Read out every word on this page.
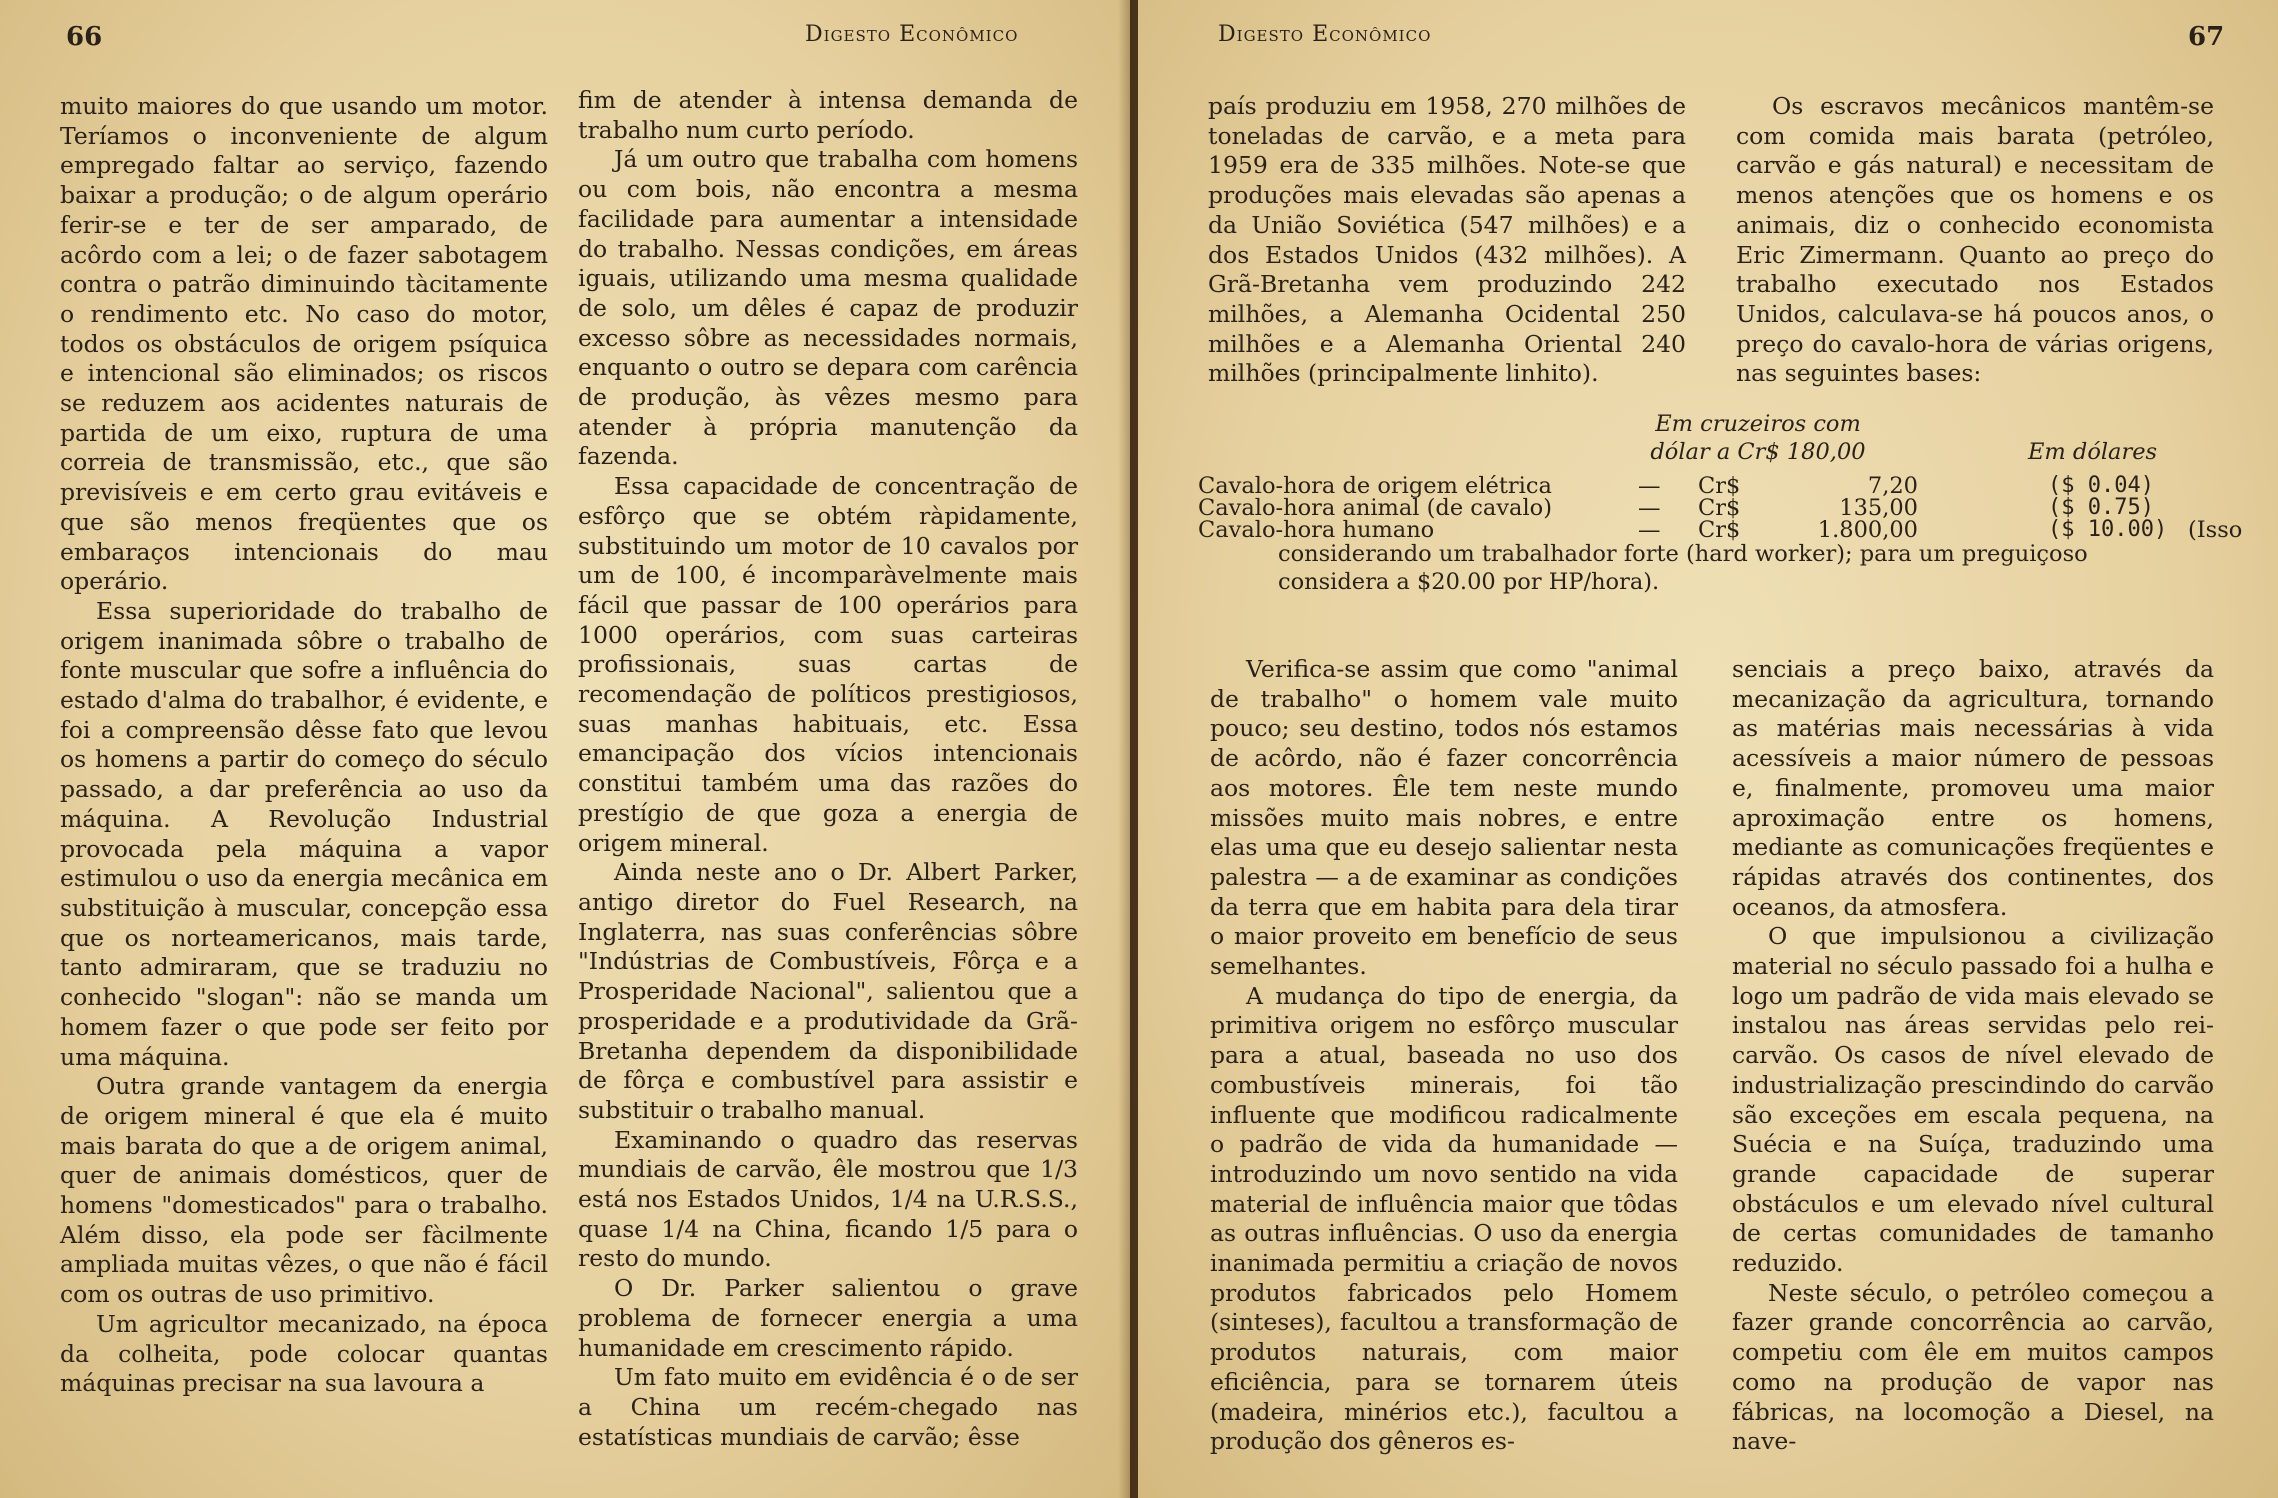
66	Digesto Econômico

muito maiores do que usando um motor. Teríamos o inconveniente de algum empregado faltar ao serviço, fazendo baixar a produção; o de algum operário ferir-se e ter de ser amparado, de acôrdo com a lei; o de fazer sabotagem contra o patrão diminuindo tàcitamente o rendimento etc. No caso do motor, todos os obstáculos de origem psíquica e intencional são eliminados; os riscos se reduzem aos acidentes naturais de partida de um eixo, ruptura de uma correia de transmissão, etc., que são previsíveis e em certo grau evitáveis e que são menos freqüentes que os embaraços intencionais do mau operário.

Essa superioridade do trabalho de origem inanimada sôbre o trabalho de fonte muscular que sofre a influência do estado d'alma do trabalhor, é evidente, e foi a compreensão dêsse fato que levou os homens a partir do começo do século passado, a dar preferência ao uso da máquina. A Revolução Industrial provocada pela máquina a vapor estimulou o uso da energia mecânica em substituição à muscular, concepção essa que os norteamericanos, mais tarde, tanto admiraram, que se traduziu no conhecido "slogan": não se manda um homem fazer o que pode ser feito por uma máquina.

Outra grande vantagem da energia de origem mineral é que ela é muito mais barata do que a de origem animal, quer de animais domésticos, quer de homens "domesticados" para o trabalho. Além disso, ela pode ser fàcilmente ampliada muitas vêzes, o que não é fácil com os outras de uso primitivo.

Um agricultor mecanizado, na época da colheita, pode colocar quantas máquinas precisar na sua lavoura a

fim de atender à intensa demanda de trabalho num curto período.

Já um outro que trabalha com homens ou com bois, não encontra a mesma facilidade para aumentar a intensidade do trabalho. Nessas condições, em áreas iguais, utilizando uma mesma qualidade de solo, um dêles é capaz de produzir excesso sôbre as necessidades normais, enquanto o outro se depara com carência de produção, às vêzes mesmo para atender à própria manutenção da fazenda.

Essa capacidade de concentração de esfôrço que se obtém ràpidamente, substituindo um motor de 10 cavalos por um de 100, é incomparàvelmente mais fácil que passar de 100 operários para 1000 operários, com suas carteiras profissionais, suas cartas de recomendação de políticos prestigiosos, suas manhas habituais, etc. Essa emancipação dos vícios intencionais constitui também uma das razões do prestígio de que goza a energia de origem mineral.

Ainda neste ano o Dr. Albert Parker, antigo diretor do Fuel Research, na Inglaterra, nas suas conferências sôbre "Indústrias de Combustíveis, Fôrça e a Prosperidade Nacional", salientou que a prosperidade e a produtividade da Grã-Bretanha dependem da disponibilidade de fôrça e combustível para assistir e substituir o trabalho manual.

Examinando o quadro das reservas mundiais de carvão, êle mostrou que 1/3 está nos Estados Unidos, 1/4 na U.R.S.S., quase 1/4 na China, ficando 1/5 para o resto do mundo.

O Dr. Parker salientou o grave problema de fornecer energia a uma humanidade em crescimento rápido.

Um fato muito em evidência é o de ser a China um recém-chegado nas estatísticas mundiais de carvão; êsse

Digesto Econômico	67

país produziu em 1958, 270 milhões de toneladas de carvão, e a meta para 1959 era de 335 milhões. Note-se que produções mais elevadas são apenas a da União Soviética (547 milhões) e a dos Estados Unidos (432 milhões). A Grã-Bretanha vem produzindo 242 milhões, a Alemanha Ocidental 250 milhões e a Alemanha Oriental 240 milhões (principalmente linhito).

Os escravos mecânicos mantêm-se com comida mais barata (petróleo, carvão e gás natural) e necessitam de menos atenções que os homens e os animais, diz o conhecido economista Eric Zimermann. Quanto ao preço do trabalho executado nos Estados Unidos, calculava-se há poucos anos, o preço do cavalo-hora de várias origens, nas seguintes bases:

Em cruzeiros com
dólar a Cr$ 180,00	Em dólares
Cavalo-hora de origem elétrica	— Cr$	7,20	($ 0.04)
Cavalo-hora animal (de cavalo)	— Cr$	135,00	($ 0.75)
Cavalo-hora humano	— Cr$	1.800,00	($ 10.00) (Isso
considerando um trabalhador forte (hard worker); para um preguiçoso
considera a $20.00 por HP/hora).

Verifica-se assim que como "animal de trabalho" o homem vale muito pouco; seu destino, todos nós estamos de acôrdo, não é fazer concorrência aos motores. Êle tem neste mundo missões muito mais nobres, e entre elas uma que eu desejo salientar nesta palestra — a de examinar as condições da terra que em habita para dela tirar o maior proveito em benefício de seus semelhantes.

A mudança do tipo de energia, da primitiva origem no esfôrço muscular para a atual, baseada no uso dos combustíveis minerais, foi tão influente que modificou radicalmente o padrão de vida da humanidade — introduzindo um novo sentido na vida material de influência maior que tôdas as outras influências. O uso da energia inanimada permitiu a criação de novos produtos fabricados pelo Homem (sinteses), facultou a transformação de produtos naturais, com maior eficiência, para se tornarem úteis (madeira, minérios etc.), facultou a produção dos gêneros es-

senciais a preço baixo, através da mecanização da agricultura, tornando as matérias mais necessárias à vida acessíveis a maior número de pessoas e, finalmente, promoveu uma maior aproximação entre os homens, mediante as comunicações freqüentes e rápidas através dos continentes, dos oceanos, da atmosfera.

O que impulsionou a civilização material no século passado foi a hulha e logo um padrão de vida mais elevado se instalou nas áreas servidas pelo rei-carvão. Os casos de nível elevado de industrialização prescindindo do carvão são exceções em escala pequena, na Suécia e na Suíça, traduzindo uma grande capacidade de superar obstáculos e um elevado nível cultural de certas comunidades de tamanho reduzido.

Neste século, o petróleo começou a fazer grande concorrência ao carvão, competiu com êle em muitos campos como na produção de vapor nas fábricas, na locomoção a Diesel, na nave-
